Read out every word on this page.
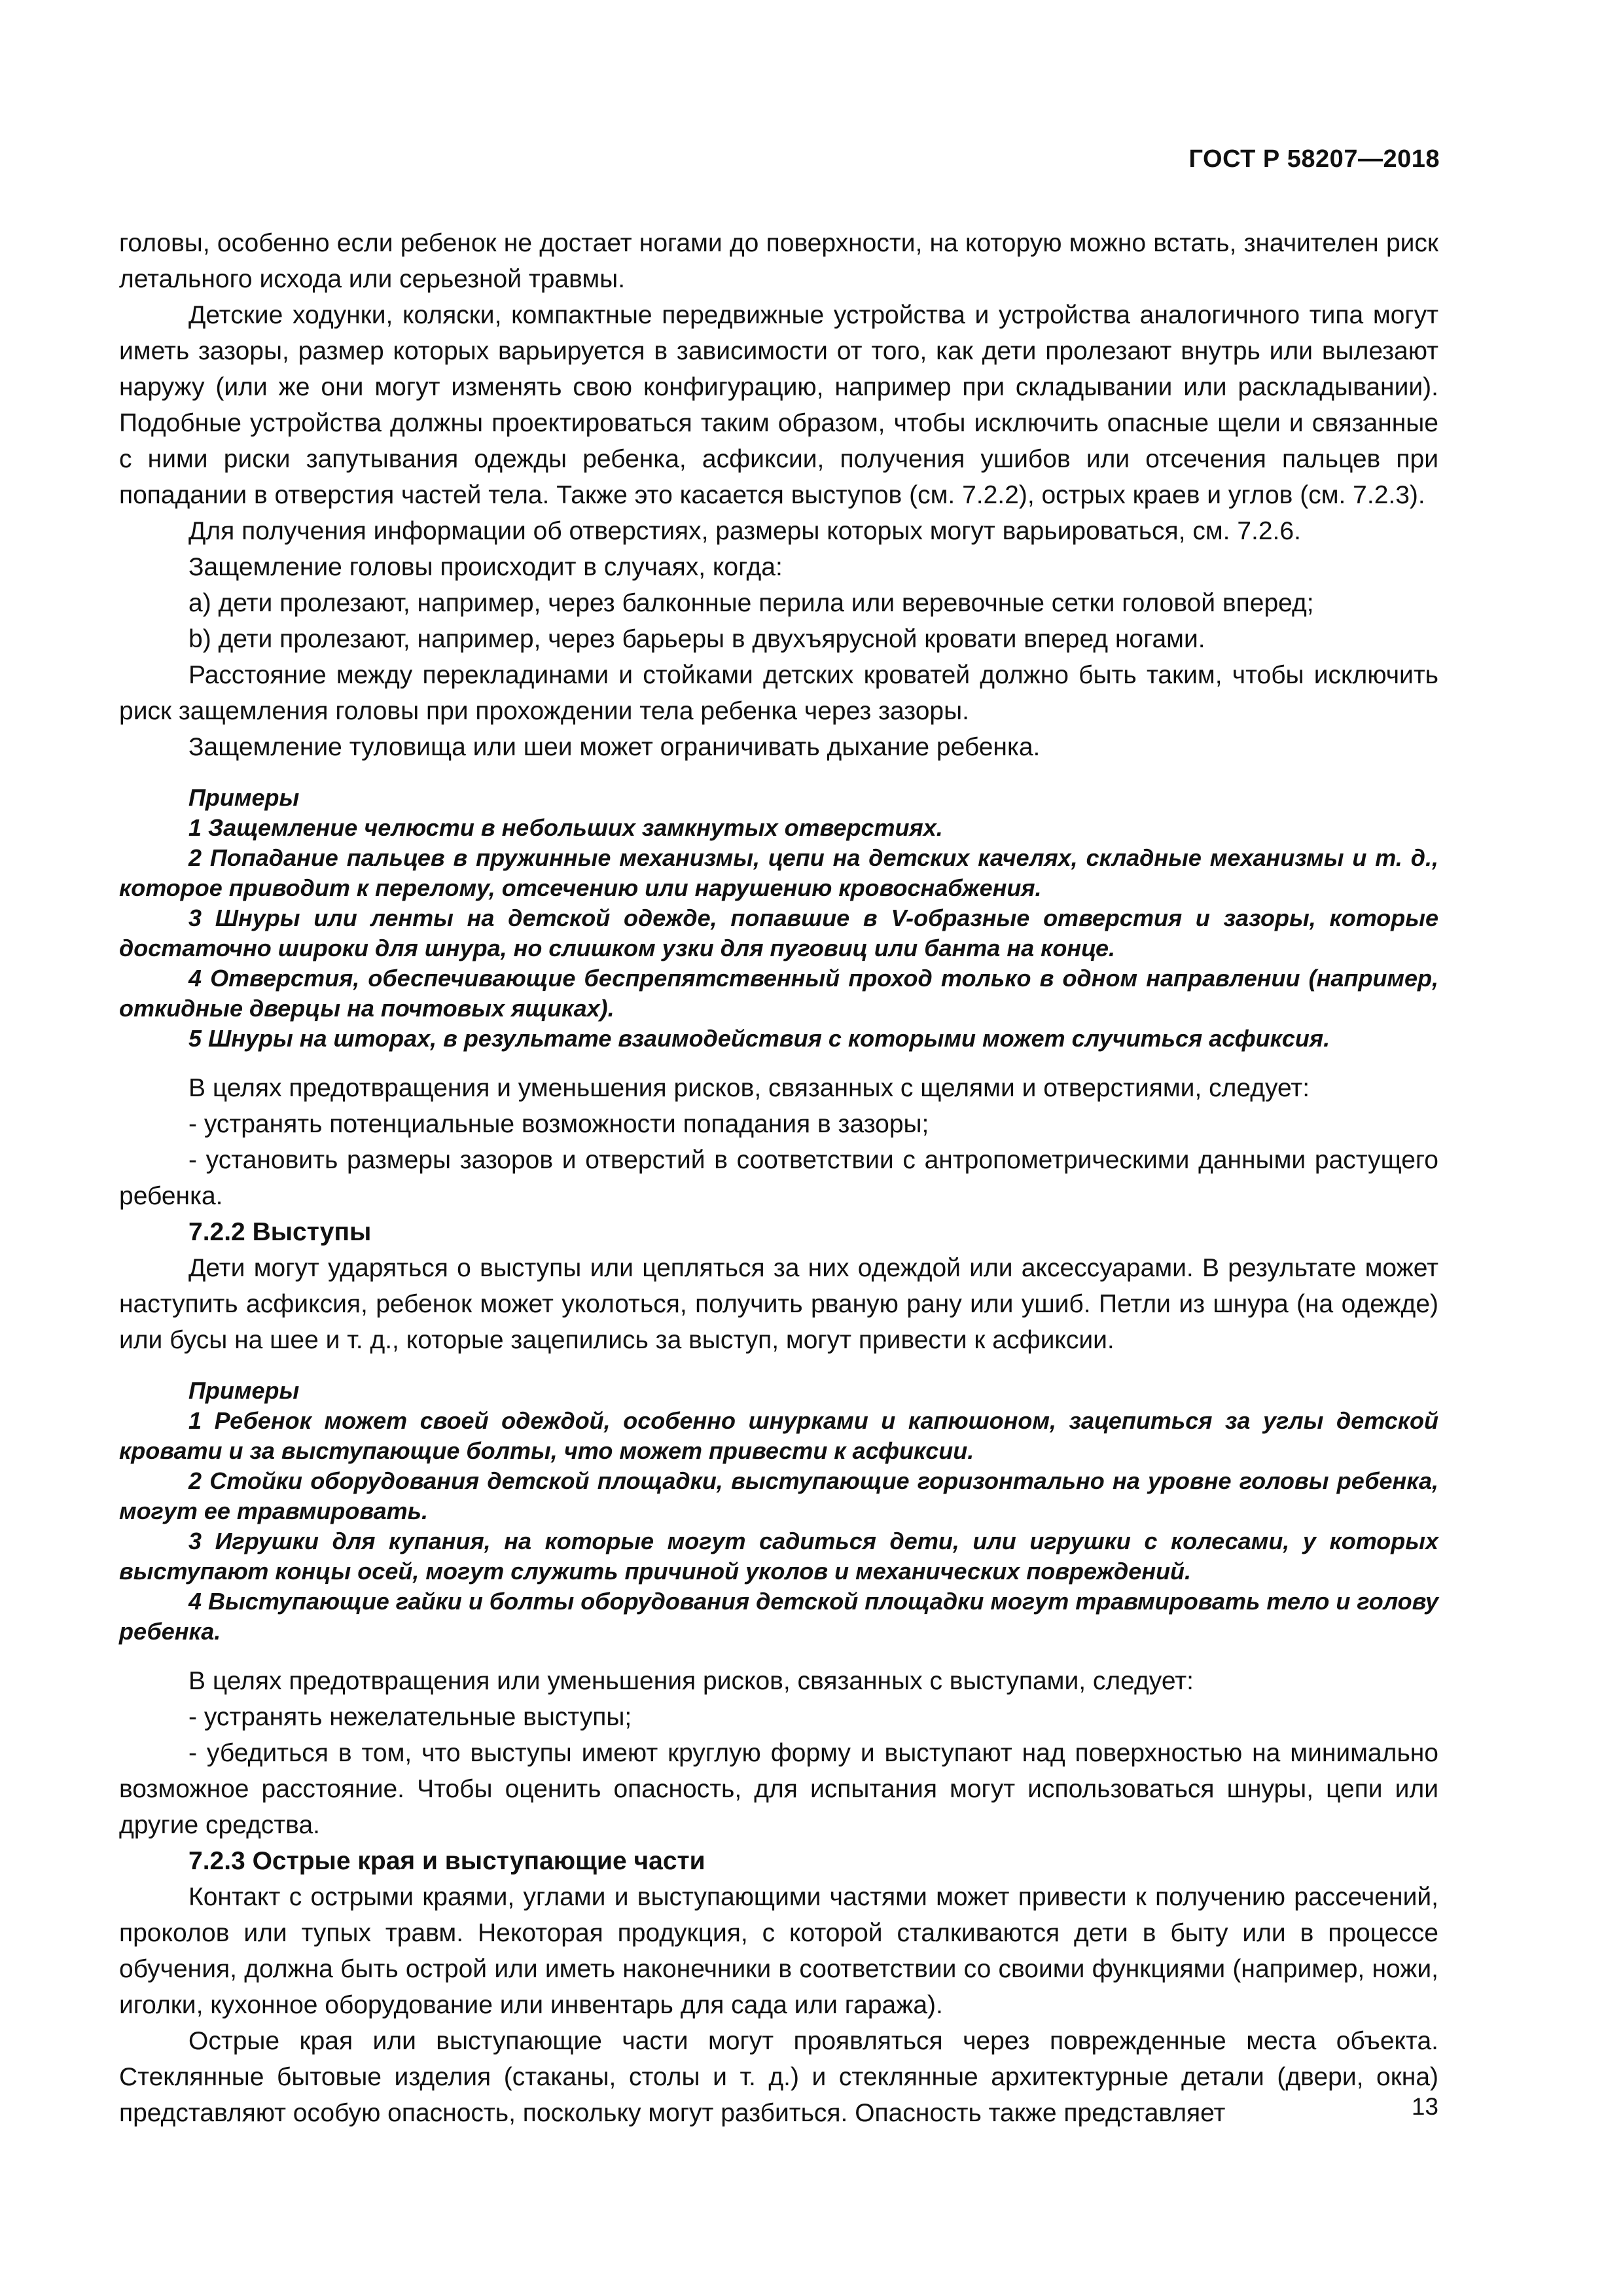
ГОСТ Р 58207—2018

головы, особенно если ребенок не достает ногами до поверхности, на которую можно встать, значителен риск летального исхода или серьезной травмы.

Детские ходунки, коляски, компактные передвижные устройства и устройства аналогичного типа могут иметь зазоры, размер которых варьируется в зависимости от того, как дети пролезают внутрь или вылезают наружу (или же они могут изменять свою конфигурацию, например при складывании или раскладывании). Подобные устройства должны проектироваться таким образом, чтобы исключить опасные щели и связанные с ними риски запутывания одежды ребенка, асфиксии, получения ушибов или отсечения пальцев при попадании в отверстия частей тела. Также это касается выступов (см. 7.2.2), острых краев и углов (см. 7.2.3).

Для получения информации об отверстиях, размеры которых могут варьироваться, см. 7.2.6.

Защемление головы происходит в случаях, когда:

а) дети пролезают, например, через балконные перила или веревочные сетки головой вперед;

b) дети пролезают, например, через барьеры в двухъярусной кровати вперед ногами.

Расстояние между перекладинами и стойками детских кроватей должно быть таким, чтобы исключить риск защемления головы при прохождении тела ребенка через зазоры.

Защемление туловища или шеи может ограничивать дыхание ребенка.

Примеры

1 Защемление челюсти в небольших замкнутых отверстиях.

2 Попадание пальцев в пружинные механизмы, цепи на детских качелях, складные механизмы и т. д., которое приводит к перелому, отсечению или нарушению кровоснабжения.

3 Шнуры или ленты на детской одежде, попавшие в V-образные отверстия и зазоры, которые достаточно широки для шнура, но слишком узки для пуговиц или банта на конце.

4 Отверстия, обеспечивающие беспрепятственный проход только в одном направлении (например, откидные дверцы на почтовых ящиках).

5 Шнуры на шторах, в результате взаимодействия с которыми может случиться асфиксия.

В целях предотвращения и уменьшения рисков, связанных с щелями и отверстиями, следует:

- устранять потенциальные возможности попадания в зазоры;

- установить размеры зазоров и отверстий в соответствии с антропометрическими данными растущего ребенка.

7.2.2 Выступы

Дети могут ударяться о выступы или цепляться за них одеждой или аксессуарами. В результате может наступить асфиксия, ребенок может уколоться, получить рваную рану или ушиб. Петли из шнура (на одежде) или бусы на шее и т. д., которые зацепились за выступ, могут привести к асфиксии.

Примеры

1 Ребенок может своей одеждой, особенно шнурками и капюшоном, зацепиться за углы детской кровати и за выступающие болты, что может привести к асфиксии.

2 Стойки оборудования детской площадки, выступающие горизонтально на уровне головы ребенка, могут ее травмировать.

3 Игрушки для купания, на которые могут садиться дети, или игрушки с колесами, у которых выступают концы осей, могут служить причиной уколов и механических повреждений.

4 Выступающие гайки и болты оборудования детской площадки могут травмировать тело и голову ребенка.

В целях предотвращения или уменьшения рисков, связанных с выступами, следует:

- устранять нежелательные выступы;

- убедиться в том, что выступы имеют круглую форму и выступают над поверхностью на минимально возможное расстояние. Чтобы оценить опасность, для испытания могут использоваться шнуры, цепи или другие средства.

7.2.3 Острые края и выступающие части

Контакт с острыми краями, углами и выступающими частями может привести к получению рассечений, проколов или тупых травм. Некоторая продукция, с которой сталкиваются дети в быту или в процессе обучения, должна быть острой или иметь наконечники в соответствии со своими функциями (например, ножи, иголки, кухонное оборудование или инвентарь для сада или гаража).

Острые края или выступающие части могут проявляться через поврежденные места объекта. Стеклянные бытовые изделия (стаканы, столы и т. д.) и стеклянные архитектурные детали (двери, окна) представляют особую опасность, поскольку могут разбиться. Опасность также представляет	13
